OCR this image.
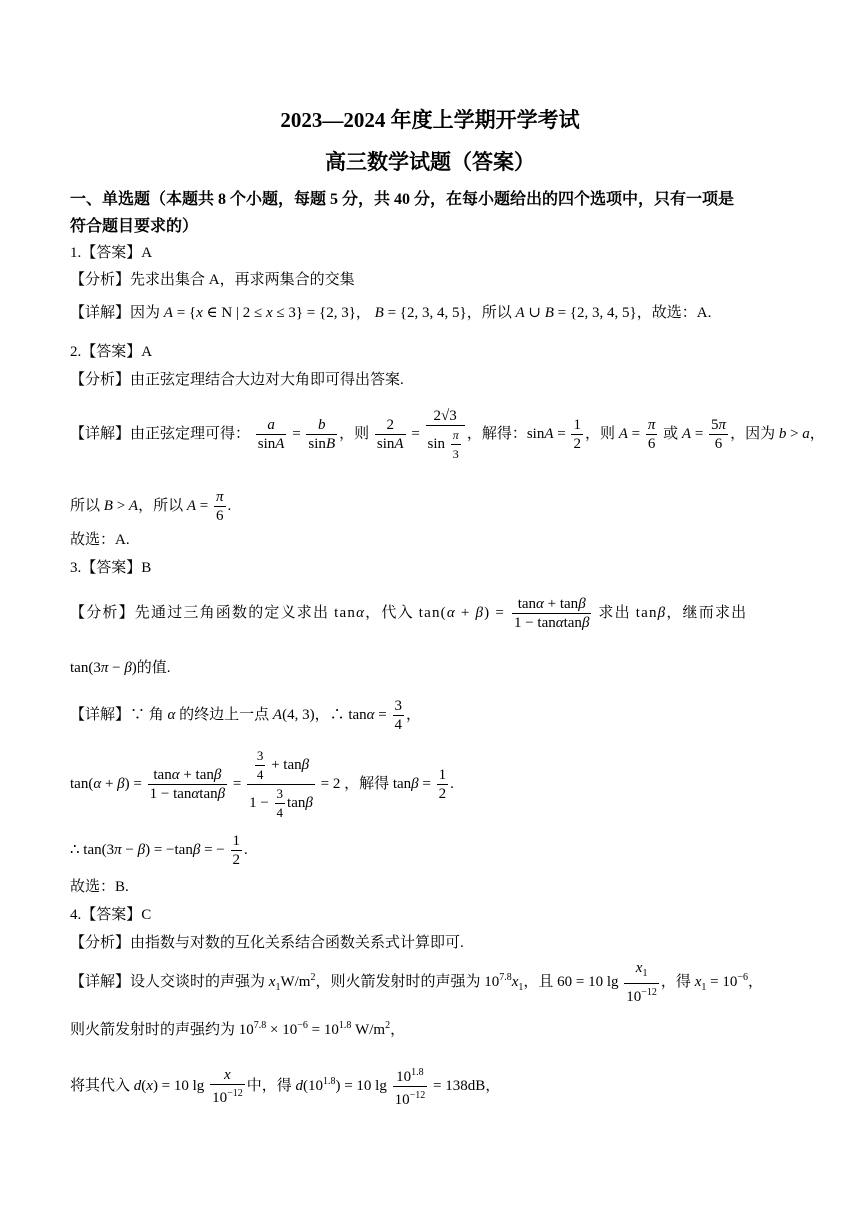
2023—2024 年度上学期开学考试
高三数学试题（答案）
一、单选题（本题共 8 个小题，每题 5 分，共 40 分，在每小题给出的四个选项中，只有一项是
符合题目要求的）
1.【答案】A
【分析】先求出集合 A，再求两集合的交集
【详解】因为 A = {x ∈ N | 2 ≤ x ≤ 3} = {2, 3}， B = {2, 3, 4, 5}，所以 A ∪ B = {2, 3, 4, 5}，故选：A.
2.【答案】A
【分析】由正弦定理结合大边对大角即可得出答案.
【详解】由正弦定理可得： $\frac{a}{\sin A} = \frac{b}{\sin B}$ ，则 $\frac{2}{\sin A} = \frac{2√3}{\sin \frac{\pi}{3}}$ ，解得：$\sin A = \frac{1}{2}$ ，则 $A = \frac{\pi}{6}$ 或 $A = \frac{5\pi}{6}$ ，因为 b > a，
所以 B > A，所以 $A = \frac{\pi}{6}$ .
故选：A.
3.【答案】B
【分析】先通过三角函数的定义求出 tanα，代入 $\tan(\alpha + \beta) = \frac{\tan\alpha + \tan\beta}{1 - \tan\alpha\tan\beta}$ 求出 tanβ，继而求出
tan(3π − β)的值.
【详解】∵ 角 α 的终边上一点 A(4, 3)，∴ $\tan\alpha = \frac{3}{4}$ ，
$\tan(\alpha + \beta) = \frac{\tan\alpha + \tan\beta}{1 - \tan\alpha\tan\beta} = \frac{\frac{3}{4} + \tan\beta}{1 - \frac{3}{4} \tan\beta} = 2$ ，解得 $\tan\beta = \frac{1}{2}$ .
∴ tan(3π − β) = −tanβ = − $\frac{1}{2}$ .
故选：B.
4.【答案】C
【分析】由指数与对数的互化关系结合函数关系式计算即可.
【详解】设人交谈时的声强为 $x_1W/m^2$，则火箭发射时的声强为 $10^{7.8}x_1$，且 60 = 10 $\lg \frac{x_1}{10^{-12}}$ ，得 $x_1 = 10^{-6}$，
则火箭发射时的声强约为 $10^{7.8} \times 10^{-6} = 10^{1.8}$ $W/m^2$，
将其代入 d(x) = 10 $\lg \frac{x}{10^{-12}}$ 中，得 $d(10^{1.8}) = 10$ $\lg \frac{10^{1.8}}{10^{-12}} = 138dB$，
